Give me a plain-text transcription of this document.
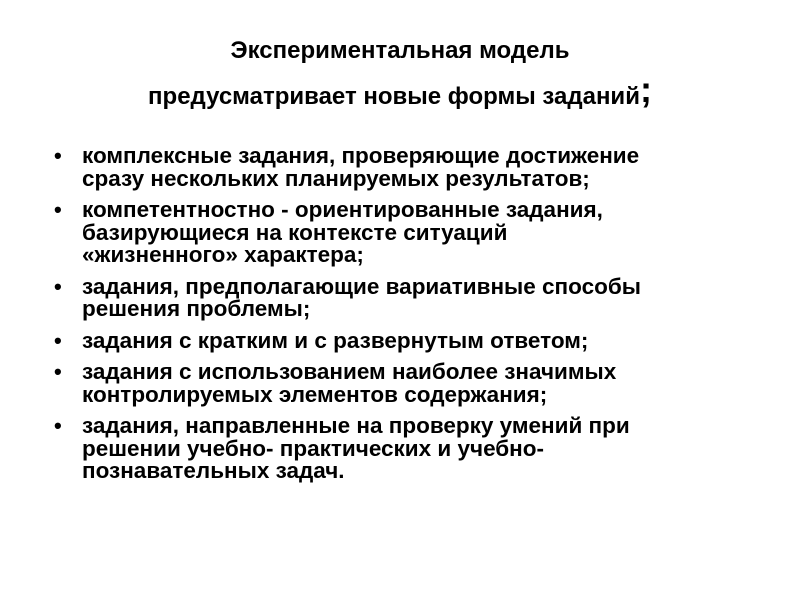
Экспериментальная модель
предусматривает новые формы заданий;
• комплексные задания, проверяющие достижение
сразу нескольких планируемых результатов;
• компетентностно - ориентированные задания,
базирующиеся на контексте ситуаций
«жизненного» характера;
• задания, предполагающие вариативные способы
решения проблемы;
• задания с кратким и с развернутым ответом;
• задания с использованием наиболее значимых
контролируемых элементов содержания;
• задания, направленные на проверку умений при
решении учебно- практических и учебно-
познавательных задач.
